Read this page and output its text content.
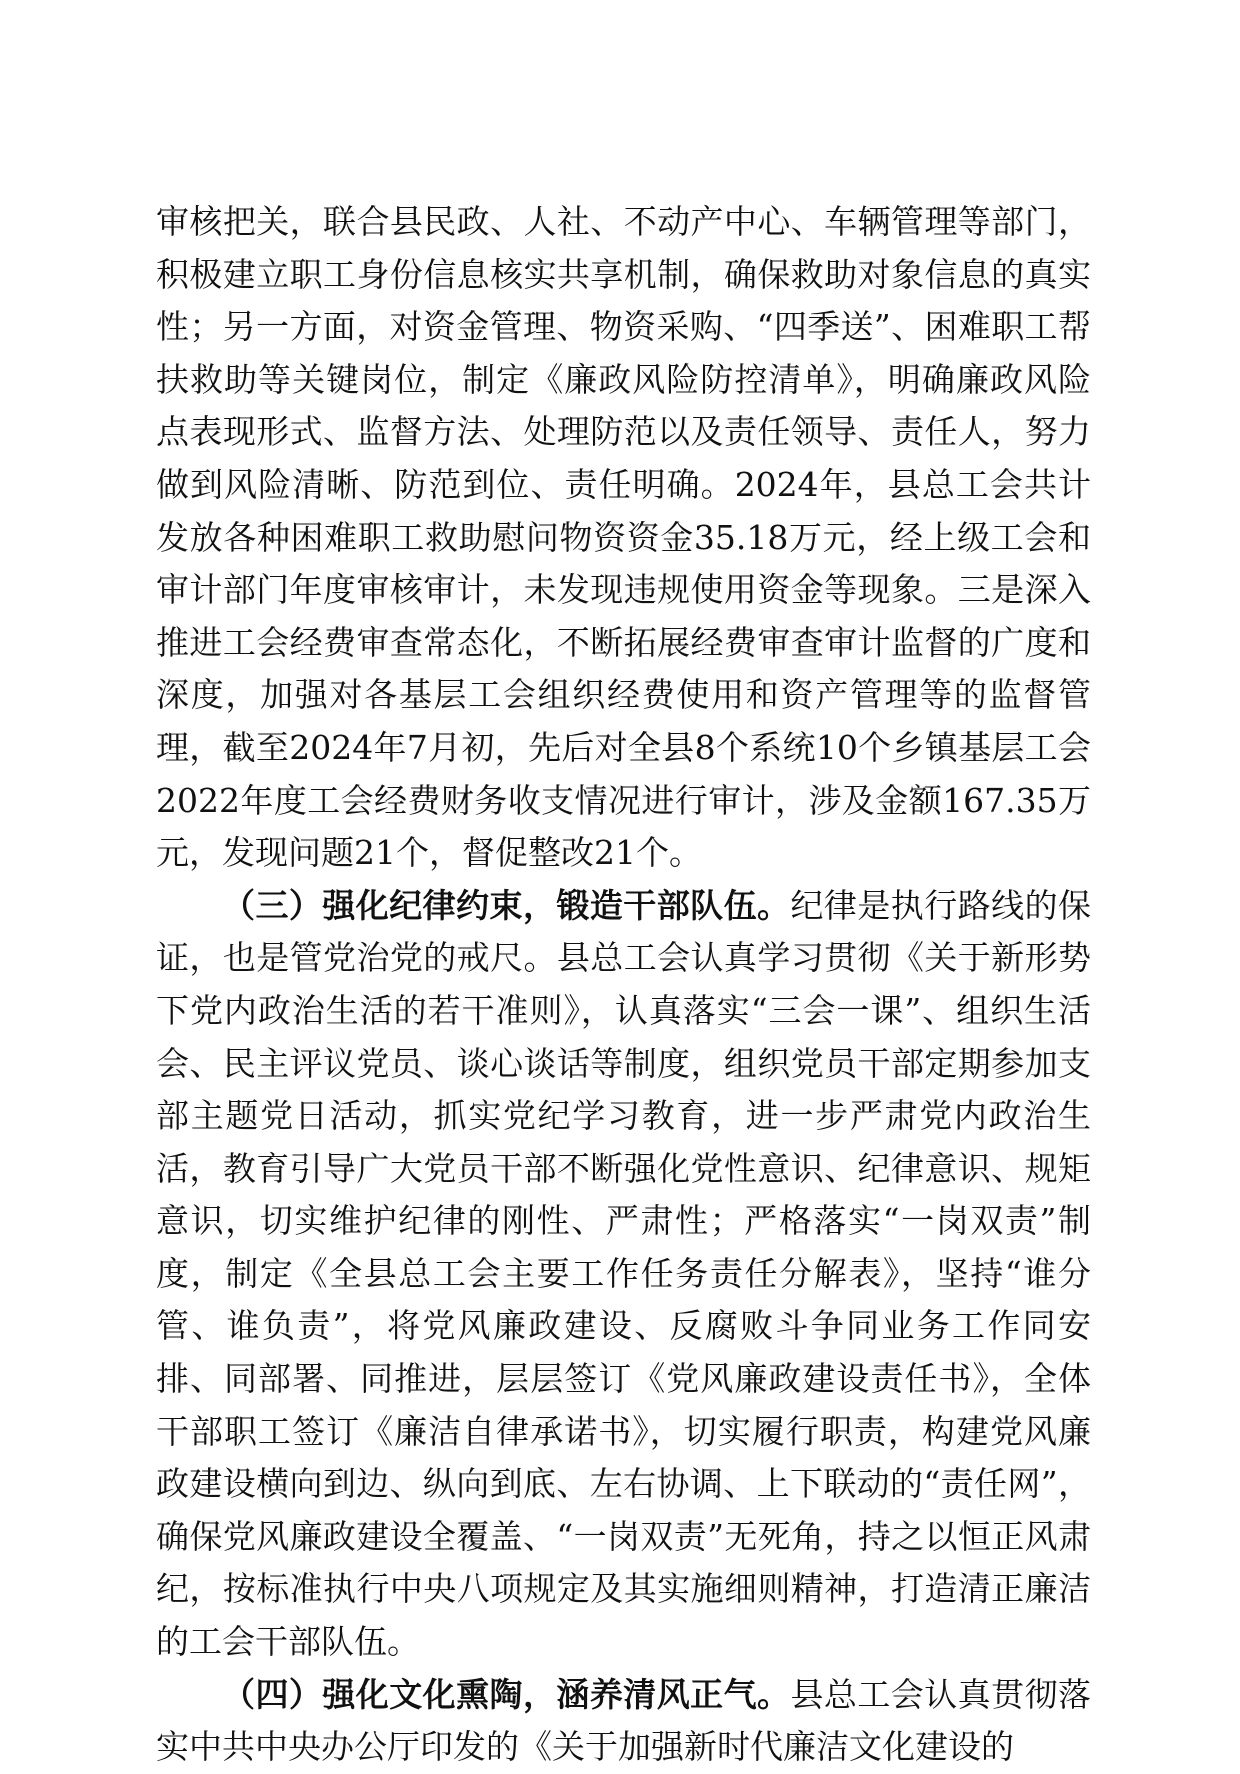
审核把关，联合县民政、人社、不动产中心、车辆管理等部门，积极建立职工身份信息核实共享机制，确保救助对象信息的真实性；另一方面，对资金管理、物资采购、“四季送”、困难职工帮扶救助等关键岗位，制定《廉政风险防控清单》，明确廉政风险点表现形式、监督方法、处理防范以及责任领导、责任人，努力做到风险清晰、防范到位、责任明确。2024年，县总工会共计发放各种困难职工救助慰问物资资金35.18万元，经上级工会和审计部门年度审核审计，未发现违规使用资金等现象。三是深入推进工会经费审查常态化，不断拓展经费审查审计监督的广度和深度，加强对各基层工会组织经费使用和资产管理等的监督管理，截至2024年7月初，先后对全县8个系统10个乡镇基层工会2022年度工会经费财务收支情况进行审计，涉及金额167.35万元，发现问题21个，督促整改21个。

（三）强化纪律约束，锻造干部队伍。纪律是执行路线的保证，也是管党治党的戒尺。县总工会认真学习贯彻《关于新形势下党内政治生活的若干准则》，认真落实“三会一课”、组织生活会、民主评议党员、谈心谈话等制度，组织党员干部定期参加支部主题党日活动，抓实党纪学习教育，进一步严肃党内政治生活，教育引导广大党员干部不断强化党性意识、纪律意识、规矩意识，切实维护纪律的刚性、严肃性；严格落实“一岗双责”制度，制定《全县总工会主要工作任务责任分解表》，坚持“谁分管、谁负责”，将党风廉政建设、反腐败斗争同业务工作同安排、同部署、同推进，层层签订《党风廉政建设责任书》，全体干部职工签订《廉洁自律承诺书》，切实履行职责，构建党风廉政建设横向到边、纵向到底、左右协调、上下联动的“责任网”，确保党风廉政建设全覆盖、“一岗双责”无死角，持之以恒正风肃纪，按标准执行中央八项规定及其实施细则精神，打造清正廉洁的工会干部队伍。

（四）强化文化熏陶，涵养清风正气。县总工会认真贯彻落实中共中央办公厅印发的《关于加强新时代廉洁文化建设的
